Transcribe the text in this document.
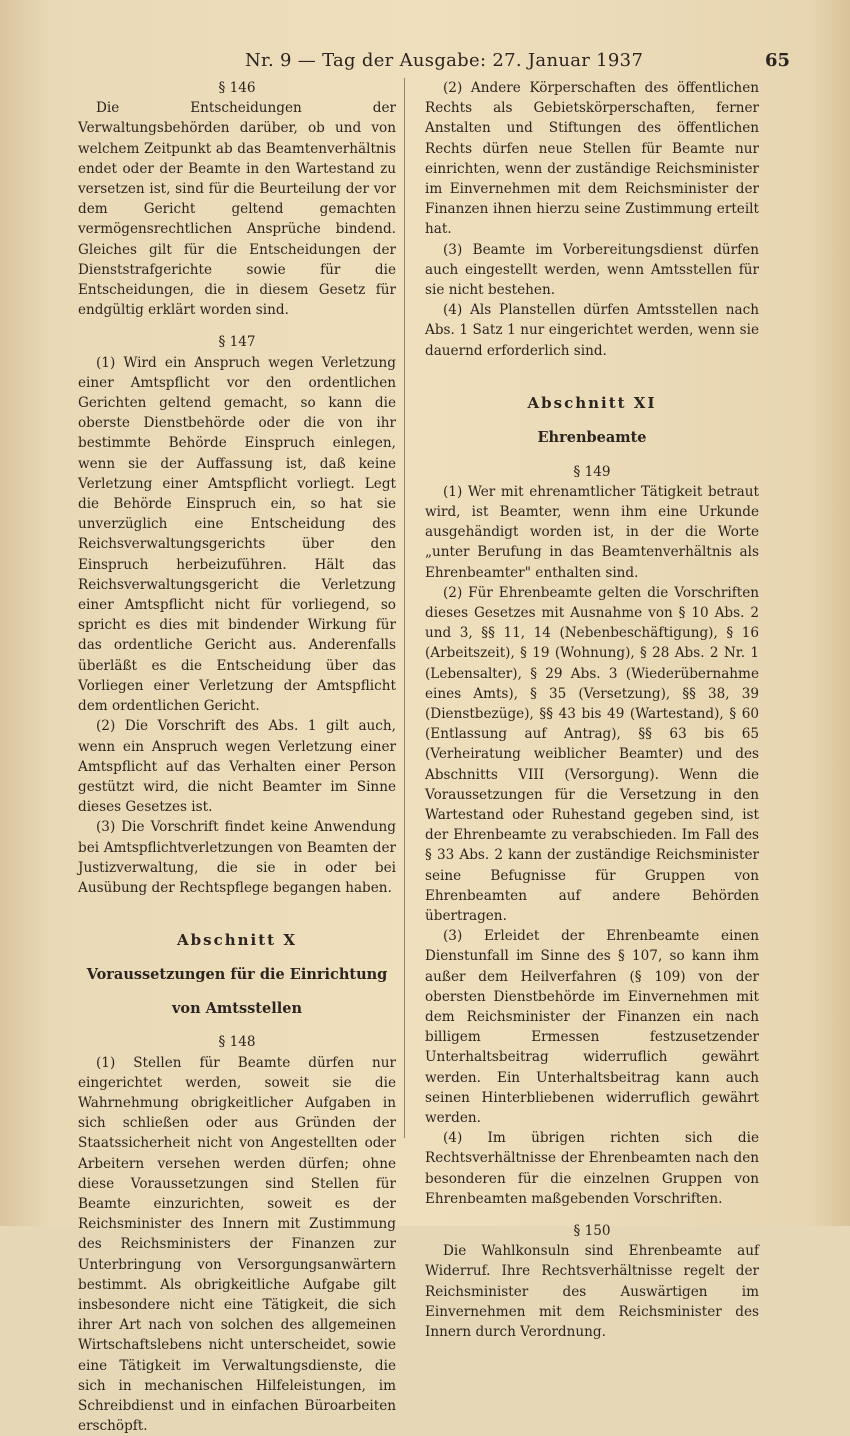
Nr. 9 — Tag der Ausgabe: 27. Januar 1937	65

§ 146

Die Entscheidungen der Verwaltungsbehörden darüber, ob und von welchem Zeitpunkt ab das Beamtenverhältnis endet oder der Beamte in den Wartestand zu versetzen ist, sind für die Beurteilung der vor dem Gericht geltend gemachten vermögensrechtlichen Ansprüche bindend. Gleiches gilt für die Entscheidungen der Dienststrafgerichte sowie für die Entscheidungen, die in diesem Gesetz für endgültig erklärt worden sind.

§ 147

(1) Wird ein Anspruch wegen Verletzung einer Amtspflicht vor den ordentlichen Gerichten geltend gemacht, so kann die oberste Dienstbehörde oder die von ihr bestimmte Behörde Einspruch einlegen, wenn sie der Auffassung ist, daß keine Verletzung einer Amtspflicht vorliegt. Legt die Behörde Einspruch ein, so hat sie unverzüglich eine Entscheidung des Reichsverwaltungsgerichts über den Einspruch herbeizuführen. Hält das Reichsverwaltungsgericht die Verletzung einer Amtspflicht nicht für vorliegend, so spricht es dies mit bindender Wirkung für das ordentliche Gericht aus. Anderenfalls überläßt es die Entscheidung über das Vorliegen einer Verletzung der Amtspflicht dem ordentlichen Gericht.

(2) Die Vorschrift des Abs. 1 gilt auch, wenn ein Anspruch wegen Verletzung einer Amtspflicht auf das Verhalten einer Person gestützt wird, die nicht Beamter im Sinne dieses Gesetzes ist.

(3) Die Vorschrift findet keine Anwendung bei Amtspflichtverletzungen von Beamten der Justizverwaltung, die sie in oder bei Ausübung der Rechtspflege begangen haben.

Abschnitt X

Voraussetzungen für die Einrichtung

von Amtsstellen

§ 148

(1) Stellen für Beamte dürfen nur eingerichtet werden, soweit sie die Wahrnehmung obrigkeitlicher Aufgaben in sich schließen oder aus Gründen der Staatssicherheit nicht von Angestellten oder Arbeitern versehen werden dürfen; ohne diese Voraussetzungen sind Stellen für Beamte einzurichten, soweit es der Reichsminister des Innern mit Zustimmung des Reichsministers der Finanzen zur Unterbringung von Versorgungsanwärtern bestimmt. Als obrigkeitliche Aufgabe gilt insbesondere nicht eine Tätigkeit, die sich ihrer Art nach von solchen des allgemeinen Wirtschaftslebens nicht unterscheidet, sowie eine Tätigkeit im Verwaltungsdienste, die sich in mechanischen Hilfeleistungen, im Schreibdienst und in einfachen Büroarbeiten erschöpft.

(2) Andere Körperschaften des öffentlichen Rechts als Gebietskörperschaften, ferner Anstalten und Stiftungen des öffentlichen Rechts dürfen neue Stellen für Beamte nur einrichten, wenn der zuständige Reichsminister im Einvernehmen mit dem Reichsminister der Finanzen ihnen hierzu seine Zustimmung erteilt hat.

(3) Beamte im Vorbereitungsdienst dürfen auch eingestellt werden, wenn Amtsstellen für sie nicht bestehen.

(4) Als Planstellen dürfen Amtsstellen nach Abs. 1 Satz 1 nur eingerichtet werden, wenn sie dauernd erforderlich sind.

Abschnitt XI

Ehrenbeamte

§ 149

(1) Wer mit ehrenamtlicher Tätigkeit betraut wird, ist Beamter, wenn ihm eine Urkunde ausgehändigt worden ist, in der die Worte „unter Berufung in das Beamtenverhältnis als Ehrenbeamter" enthalten sind.

(2) Für Ehrenbeamte gelten die Vorschriften dieses Gesetzes mit Ausnahme von § 10 Abs. 2 und 3, §§ 11, 14 (Nebenbeschäftigung), § 16 (Arbeitszeit), § 19 (Wohnung), § 28 Abs. 2 Nr. 1 (Lebensalter), § 29 Abs. 3 (Wiederübernahme eines Amts), § 35 (Versetzung), §§ 38, 39 (Dienstbezüge), §§ 43 bis 49 (Wartestand), § 60 (Entlassung auf Antrag), §§ 63 bis 65 (Verheiratung weiblicher Beamter) und des Abschnitts VIII (Versorgung). Wenn die Voraussetzungen für die Versetzung in den Wartestand oder Ruhestand gegeben sind, ist der Ehrenbeamte zu verabschieden. Im Fall des § 33 Abs. 2 kann der zuständige Reichsminister seine Befugnisse für Gruppen von Ehrenbeamten auf andere Behörden übertragen.

(3) Erleidet der Ehrenbeamte einen Dienstunfall im Sinne des § 107, so kann ihm außer dem Heilverfahren (§ 109) von der obersten Dienstbehörde im Einvernehmen mit dem Reichsminister der Finanzen ein nach billigem Ermessen festzusetzender Unterhaltsbeitrag widerruflich gewährt werden. Ein Unterhaltsbeitrag kann auch seinen Hinterbliebenen widerruflich gewährt werden.

(4) Im übrigen richten sich die Rechtsverhältnisse der Ehrenbeamten nach den besonderen für die einzelnen Gruppen von Ehrenbeamten maßgebenden Vorschriften.

§ 150

Die Wahlkonsuln sind Ehrenbeamte auf Widerruf. Ihre Rechtsverhältnisse regelt der Reichsminister des Auswärtigen im Einvernehmen mit dem Reichsminister des Innern durch Verordnung.
